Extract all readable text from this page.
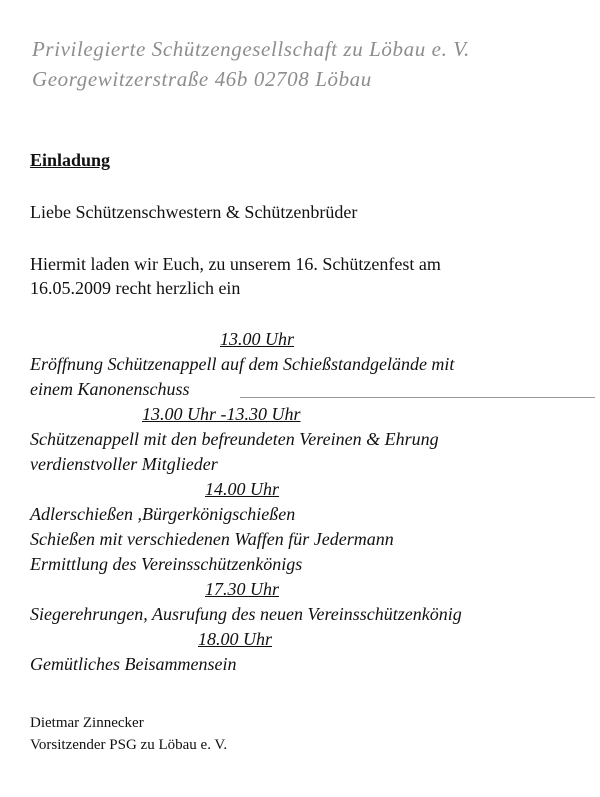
Privilegierte Schützengesellschaft zu Löbau e. V.
Georgewitzerstraße 46b 02708 Löbau
Einladung
Liebe Schützenschwestern & Schützenbrüder
Hiermit laden wir Euch, zu unserem 16. Schützenfest am
16.05.2009 recht herzlich ein
13.00 Uhr
Eröffnung Schützenappell auf dem Schießstandgelände mit
einem Kanonenschuss
13.00 Uhr -13.30 Uhr
Schützenappell mit den befreundeten Vereinen & Ehrung
verdienstvoller Mitglieder
14.00 Uhr
Adlerschießen ,Bürgerkönigschießen
Schießen mit verschiedenen Waffen für Jedermann
Ermittlung des Vereinsschützenkönigs
17.30 Uhr
Siegerehrungen, Ausrufung des neuen Vereinsschützenkönig
18.00 Uhr
Gemütliches Beisammensein
Dietmar Zinnecker
Vorsitzender PSG zu Löbau e. V.
